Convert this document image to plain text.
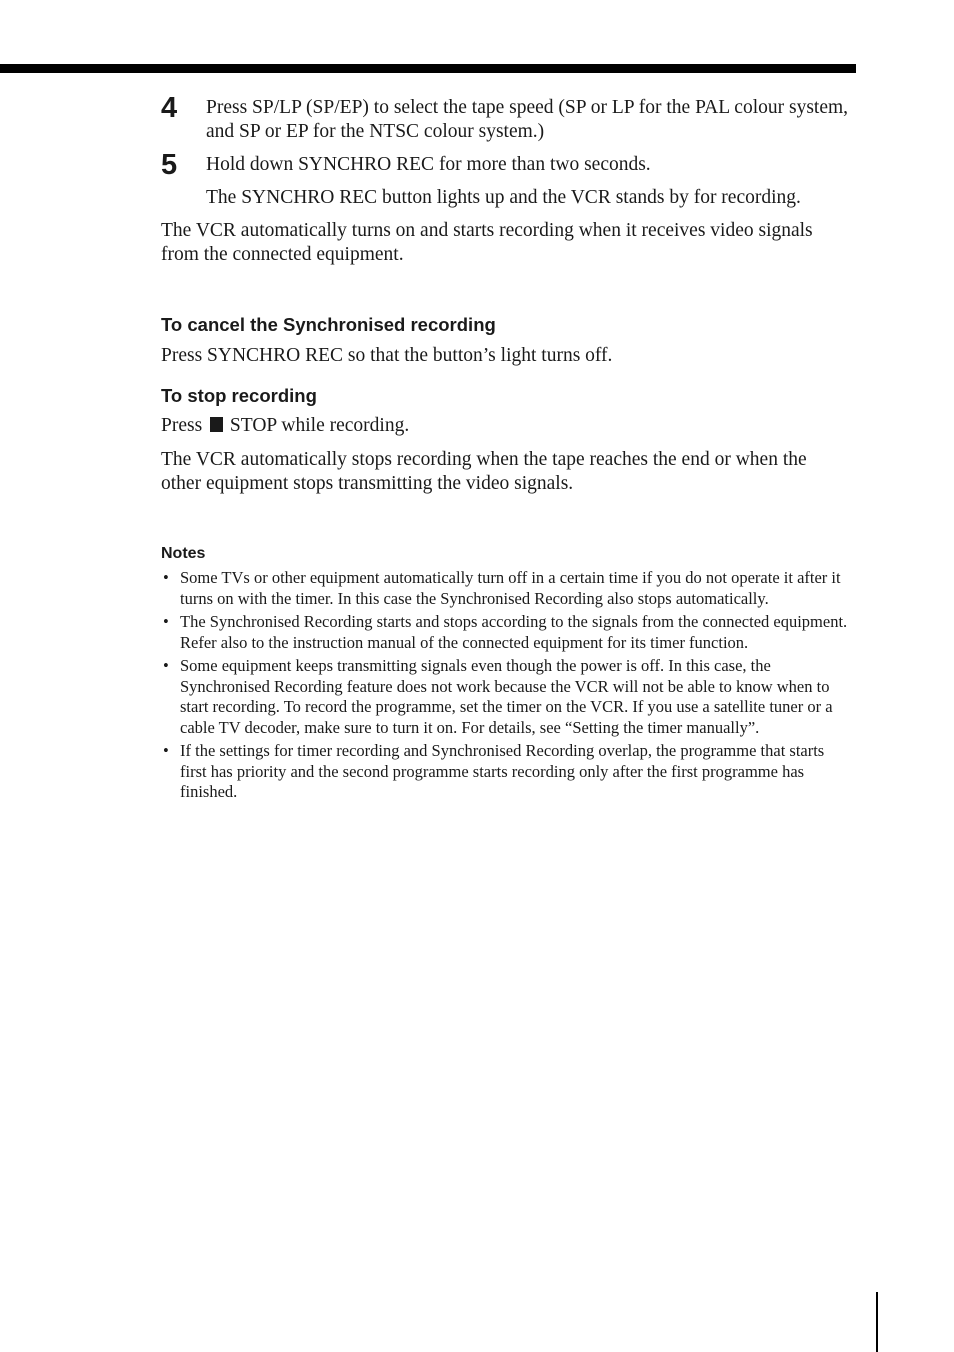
4 Press SP/LP (SP/EP) to select the tape speed (SP or LP for the PAL colour system, and SP or EP for the NTSC colour system.)

5 Hold down SYNCHRO REC for more than two seconds.

The SYNCHRO REC button lights up and the VCR stands by for recording.

The VCR automatically turns on and starts recording when it receives video signals from the connected equipment.

To cancel the Synchronised recording

Press SYNCHRO REC so that the button’s light turns off.

To stop recording

Press STOP while recording.

The VCR automatically stops recording when the tape reaches the end or when the other equipment stops transmitting the video signals.

Notes
• Some TVs or other equipment automatically turn off in a certain time if you do not operate it after it turns on with the timer. In this case the Synchronised Recording also stops automatically.
• The Synchronised Recording starts and stops according to the signals from the connected equipment. Refer also to the instruction manual of the connected equipment for its timer function.
• Some equipment keeps transmitting signals even though the power is off. In this case, the Synchronised Recording feature does not work because the VCR will not be able to know when to start recording. To record the programme, set the timer on the VCR. If you use a satellite tuner or a cable TV decoder, make sure to turn it on. For details, see “Setting the timer manually”.
• If the settings for timer recording and Synchronised Recording overlap, the programme that starts first has priority and the second programme starts recording only after the first programme has finished.
